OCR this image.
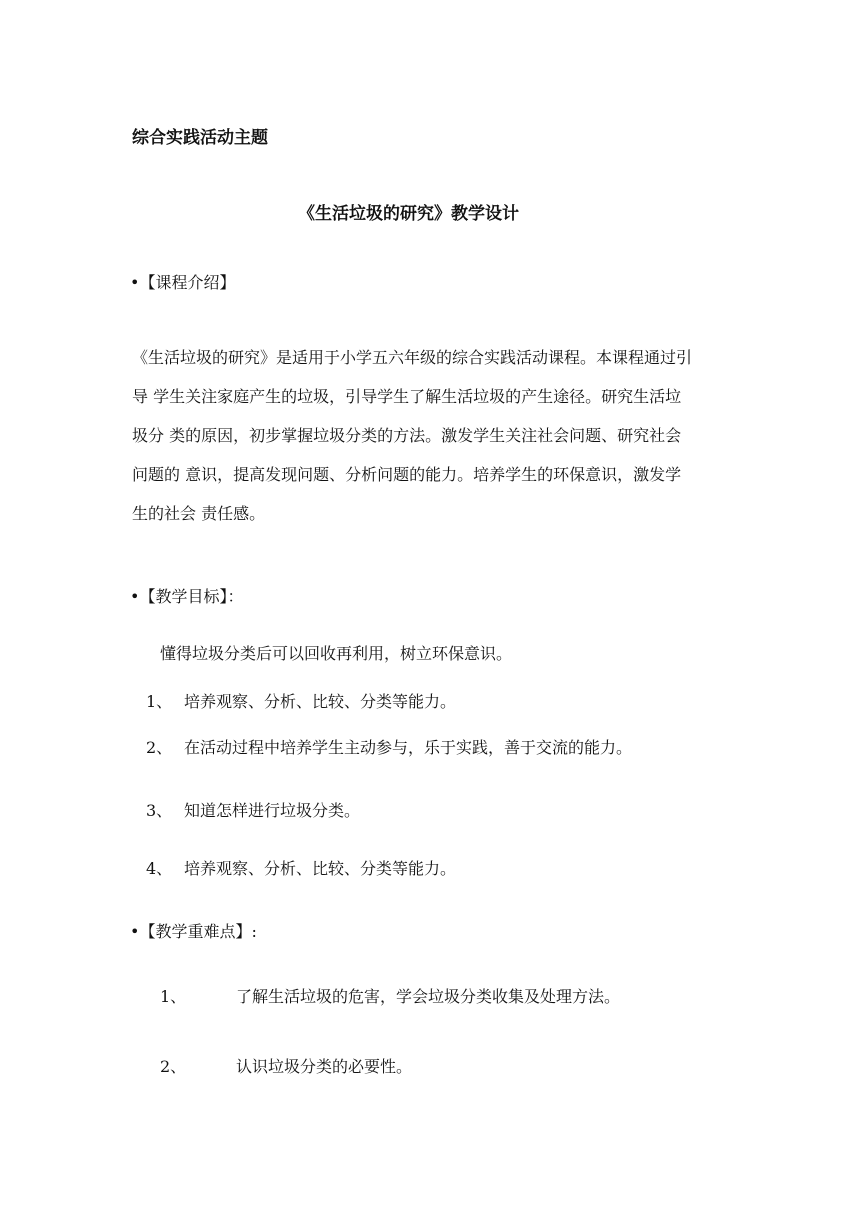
综合实践活动主题
《生活垃圾的研究》教学设计
•【课程介绍】
《生活垃圾的研究》是适用于小学五六年级的综合实践活动课程。本课程通过引
导 学生关注家庭产生的垃圾，引导学生了解生活垃圾的产生途径。研究生活垃
圾分 类的原因，初步掌握垃圾分类的方法。激发学生关注社会问题、研究社会
问题的 意识，提高发现问题、分析问题的能力。培养学生的环保意识，激发学
生的社会 责任感。
•【教学目标】：
懂得垃圾分类后可以回收再利用，树立环保意识。
1、 培养观察、分析、比较、分类等能力。
2、 在活动过程中培养学生主动参与，乐于实践，善于交流的能力。
3、 知道怎样进行垃圾分类。
4、 培养观察、分析、比较、分类等能力。
•【教学重难点】:
1、	了解生活垃圾的危害，学会垃圾分类收集及处理方法。
2、	认识垃圾分类的必要性。
